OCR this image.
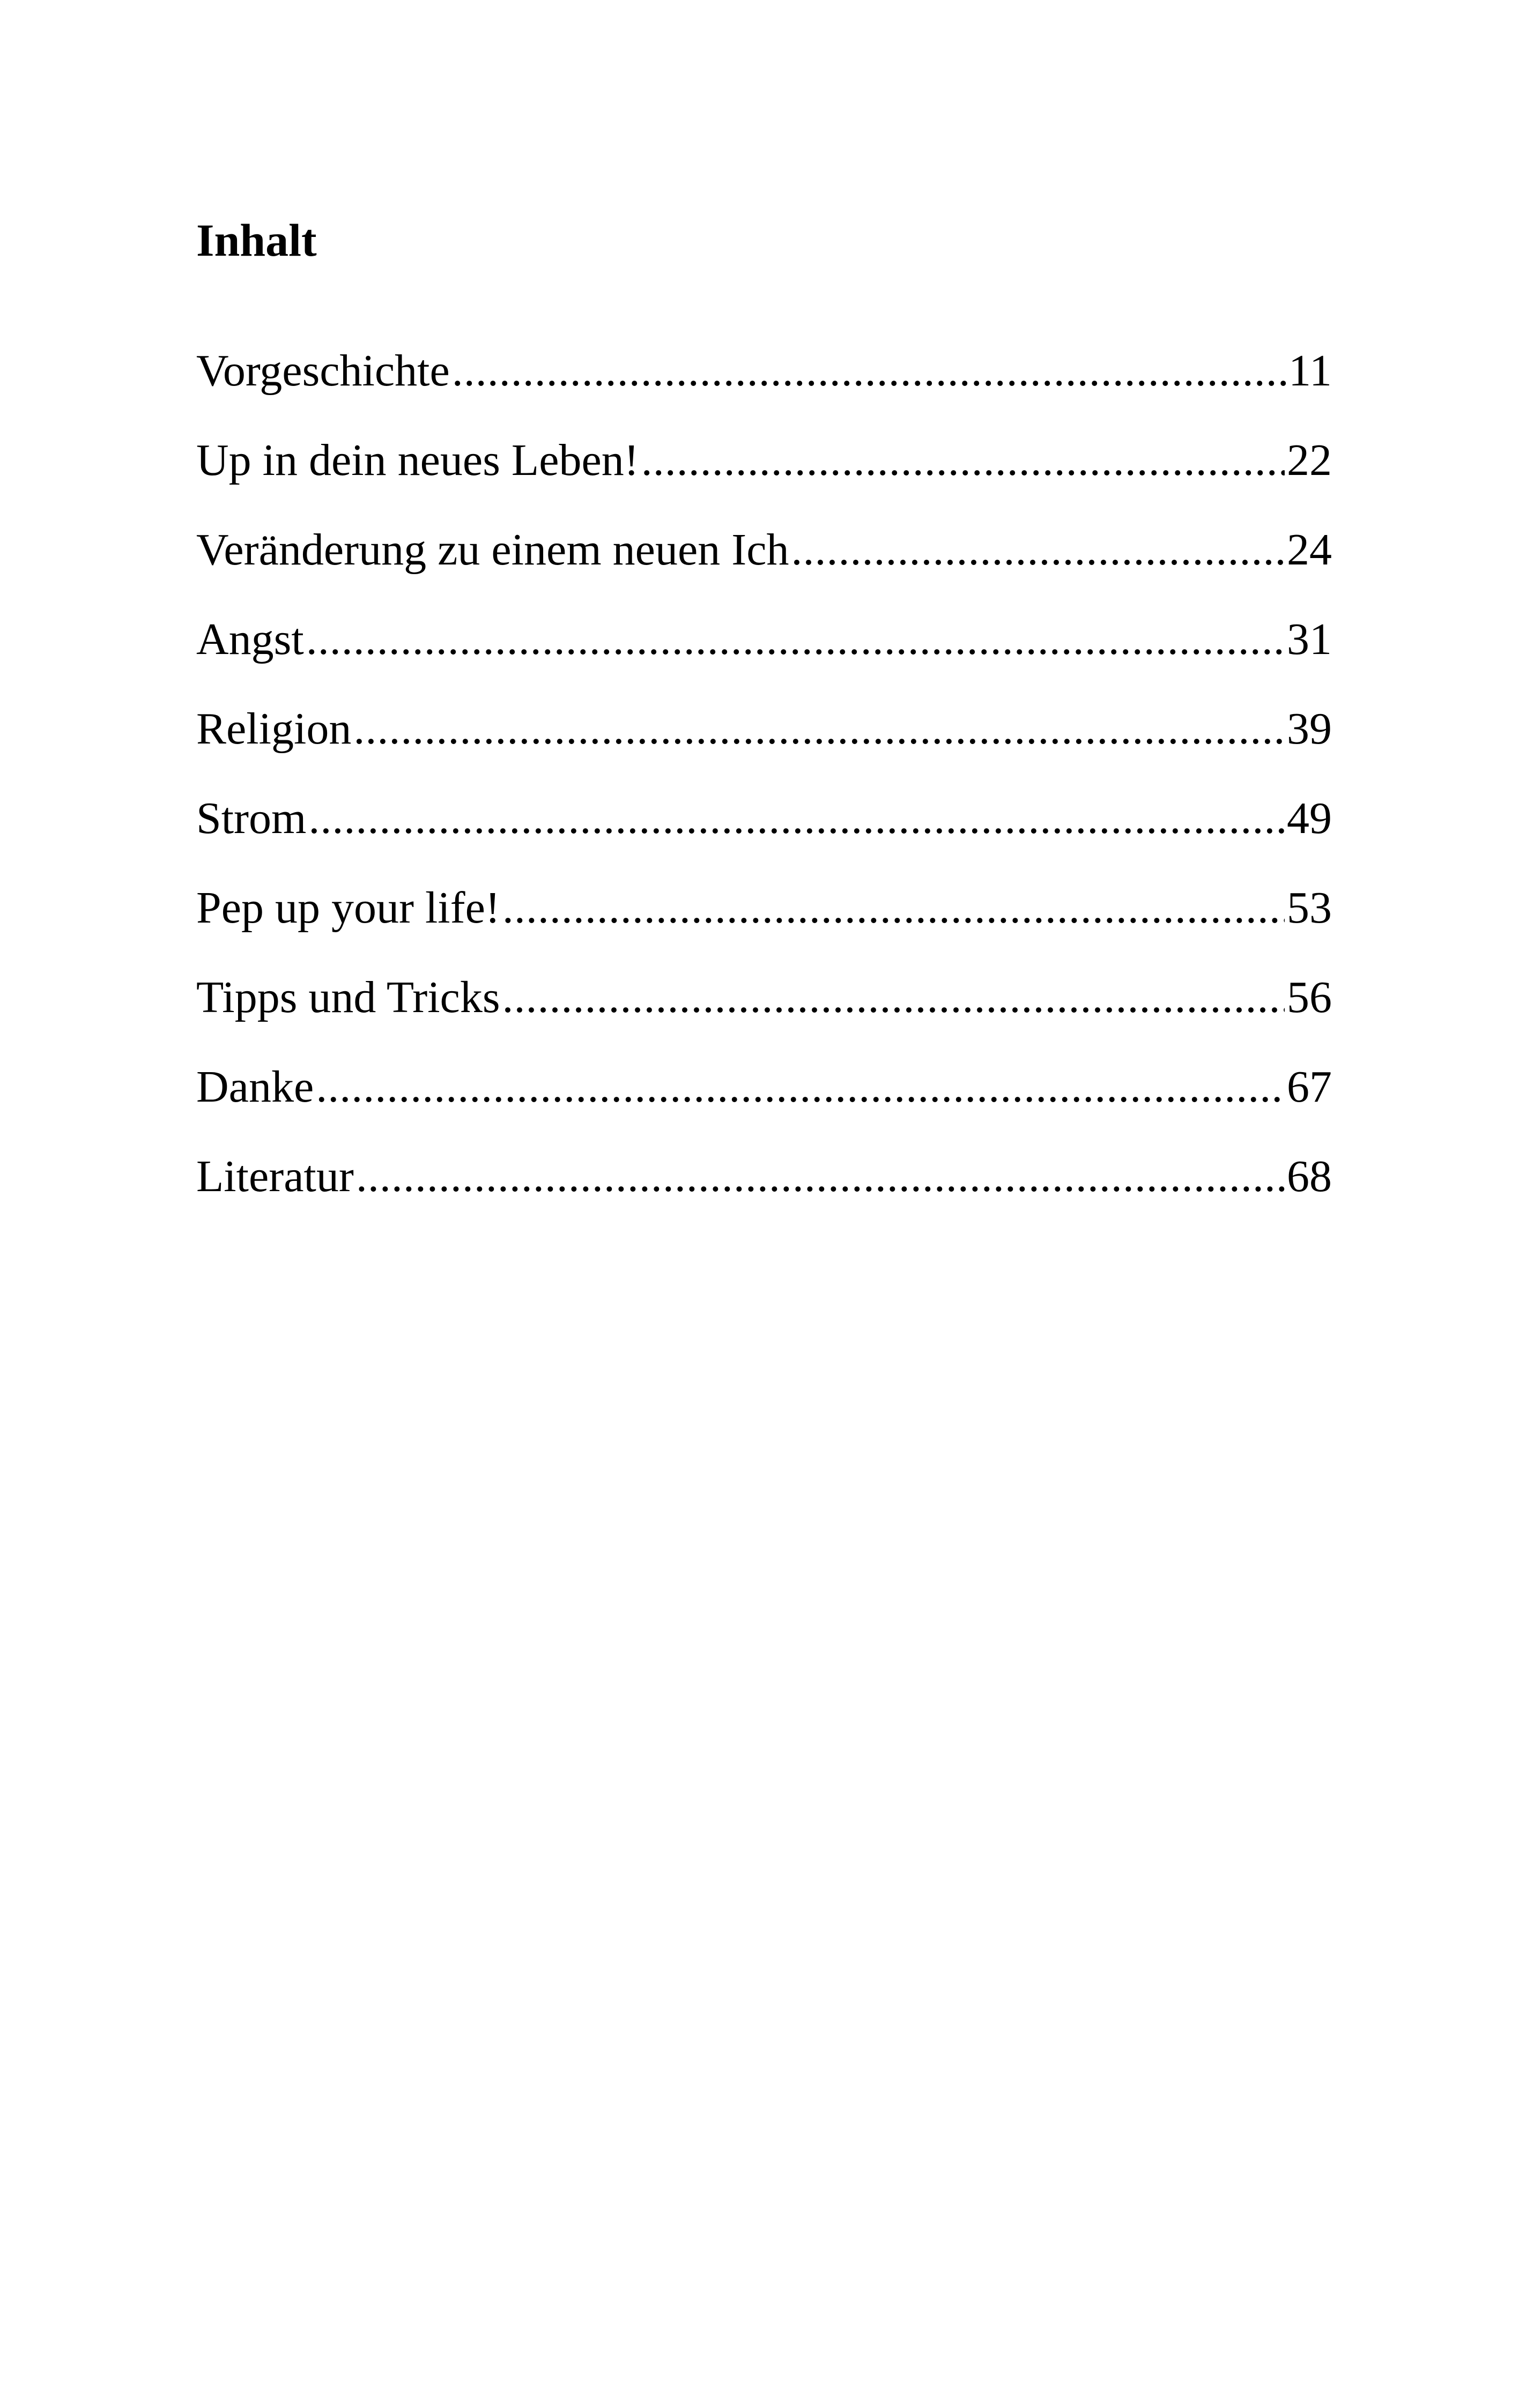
Inhalt
Vorgeschichte .....	11
Up in dein neues Leben! .....	22
Veränderung zu einem neuen Ich .....	24
Angst .....	31
Religion .....	39
Strom .....	49
Pep up your life! .....	53
Tipps und Tricks .....	56
Danke .....	67
Literatur .....	68
